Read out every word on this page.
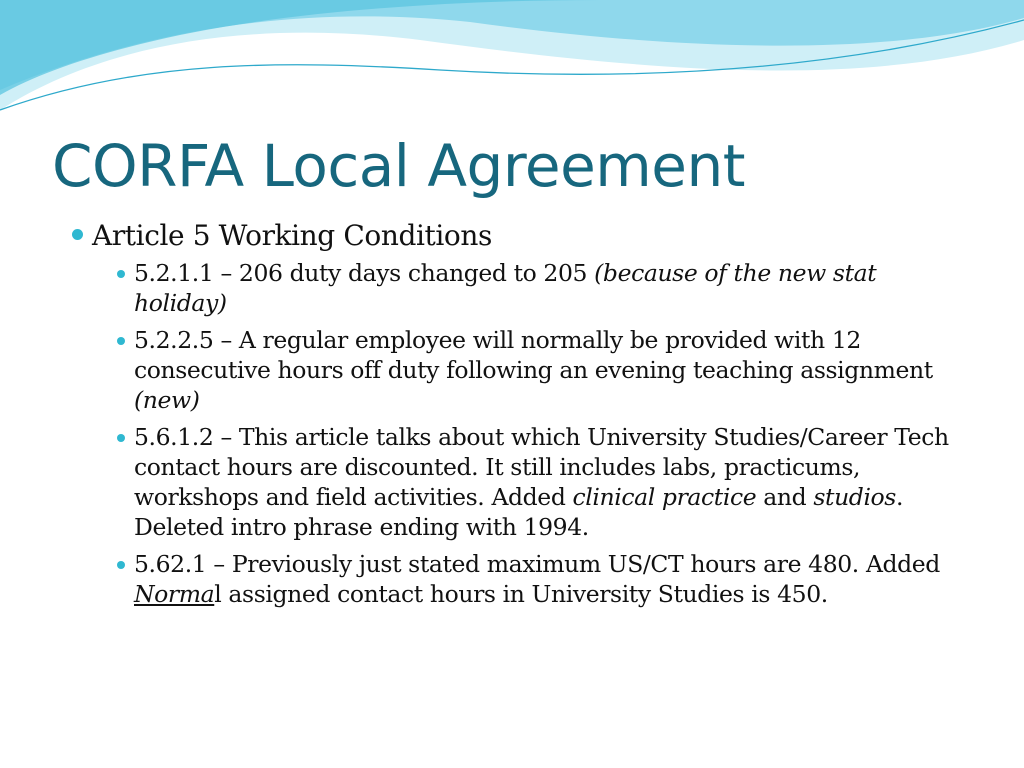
CORFA Local Agreement
Article 5 Working Conditions
5.2.1.1 – 206 duty days changed to 205 (because of the new stat holiday)
5.2.2.5 – A regular employee will normally be provided with 12 consecutive hours off duty following an evening teaching assignment (new)
5.6.1.2 – This article talks about which University Studies/Career Tech contact hours are discounted. It still includes labs, practicums, workshops and field activities. Added clinical practice and studios. Deleted intro phrase ending with 1994.
5.62.1 – Previously just stated maximum US/CT hours are 480. Added Normal assigned contact hours in University Studies is 450.
